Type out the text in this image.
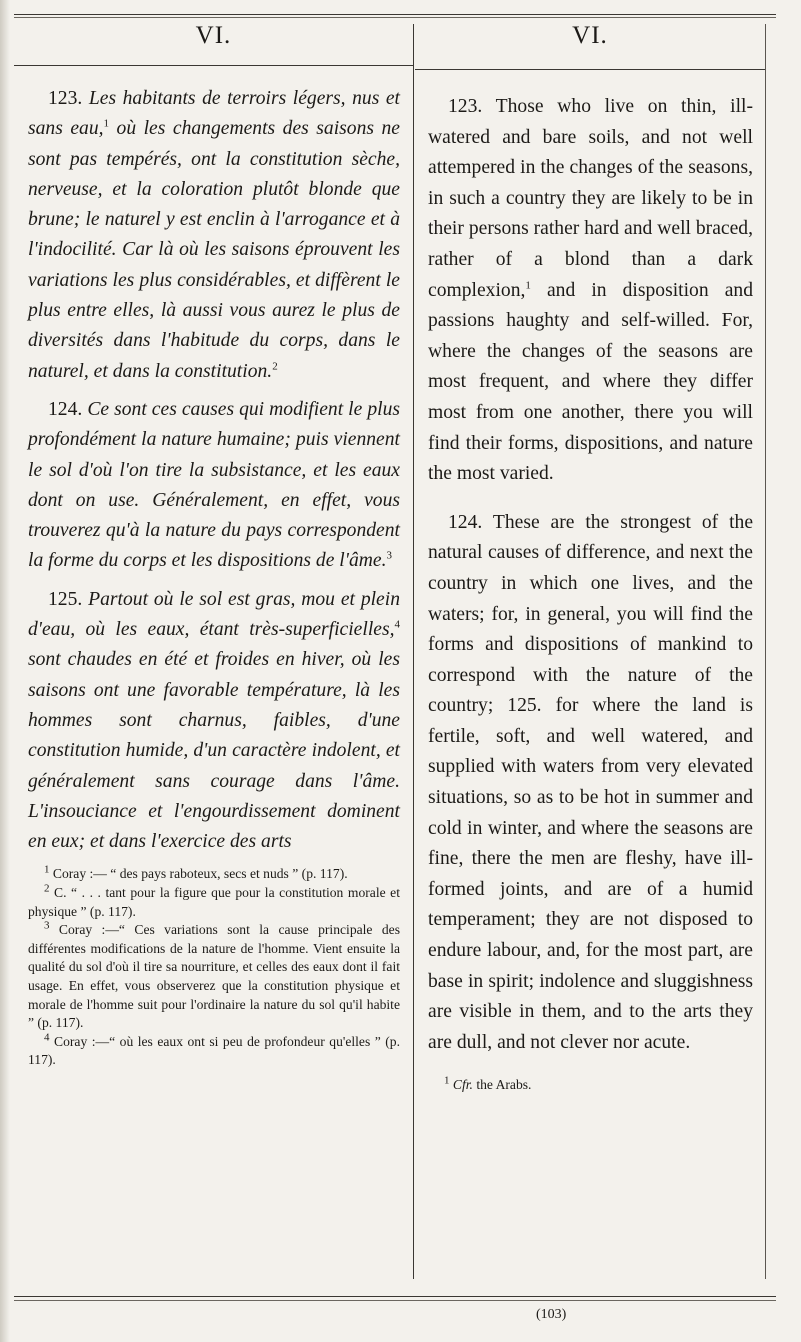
VI.	VI.

123. Les habitants de terroirs légers, nus et sans eau,$^1$ où les changements des saisons ne sont pas tempérés, ont la constitution sèche, nerveuse, et la coloration plutôt blonde que brune; le naturel y est enclin à l'arrogance et à l'indocilité. Car là où les saisons éprouvent les variations les plus considérables, et diffèrent le plus entre elles, là aussi vous aurez le plus de diversités dans l'habitude du corps, dans le naturel, et dans la constitution.$^2$

124. Ce sont ces causes qui modifient le plus profondément la nature humaine; puis viennent le sol d'où l'on tire la subsistance, et les eaux dont on use. Généralement, en effet, vous trouverez qu'à la nature du pays correspondent la forme du corps et les dispositions de l'âme.$^3$

125. Partout où le sol est gras, mou et plein d'eau, où les eaux, étant très-superficielles,$^4$ sont chaudes en été et froides en hiver, où les saisons ont une favorable température, là les hommes sont charnus, faibles, d'une constitution humide, d'un caractère indolent, et généralement sans courage dans l'âme. L'insouciance et l'engourdissement dominent en eux; et dans l'exercice des arts

$^1$ Coray :— “ des pays raboteux, secs et nuds ” (p. 117).

$^2$ C. “ . . . tant pour la figure que pour la constitution morale et physique ” (p. 117).

$^3$ Coray :—“ Ces variations sont la cause principale des différentes modifications de la nature de l'homme. Vient ensuite la qualité du sol d'où il tire sa nourriture, et celles des eaux dont il fait usage. En effet, vous observerez que la constitution physique et morale de l'homme suit pour l'ordinaire la nature du sol qu'il habite ” (p. 117).

$^4$ Coray :—“ où les eaux ont si peu de profondeur qu'elles ” (p. 117).

123. Those who live on thin, ill-watered and bare soils, and not well attempered in the changes of the seasons, in such a country they are likely to be in their persons rather hard and well braced, rather of a blond than a dark complexion,$^1$ and in disposition and passions haughty and self-willed. For, where the changes of the seasons are most frequent, and where they differ most from one another, there you will find their forms, dispositions, and nature the most varied.

124. These are the strongest of the natural causes of difference, and next the country in which one lives, and the waters; for, in general, you will find the forms and dispositions of mankind to correspond with the nature of the country; 125. for where the land is fertile, soft, and well watered, and supplied with waters from very elevated situations, so as to be hot in summer and cold in winter, and where the seasons are fine, there the men are fleshy, have ill-formed joints, and are of a humid temperament; they are not disposed to endure labour, and, for the most part, are base in spirit; indolence and sluggishness are visible in them, and to the arts they are dull, and not clever nor acute.

$^1$ Cfr. the Arabs.

(103)
